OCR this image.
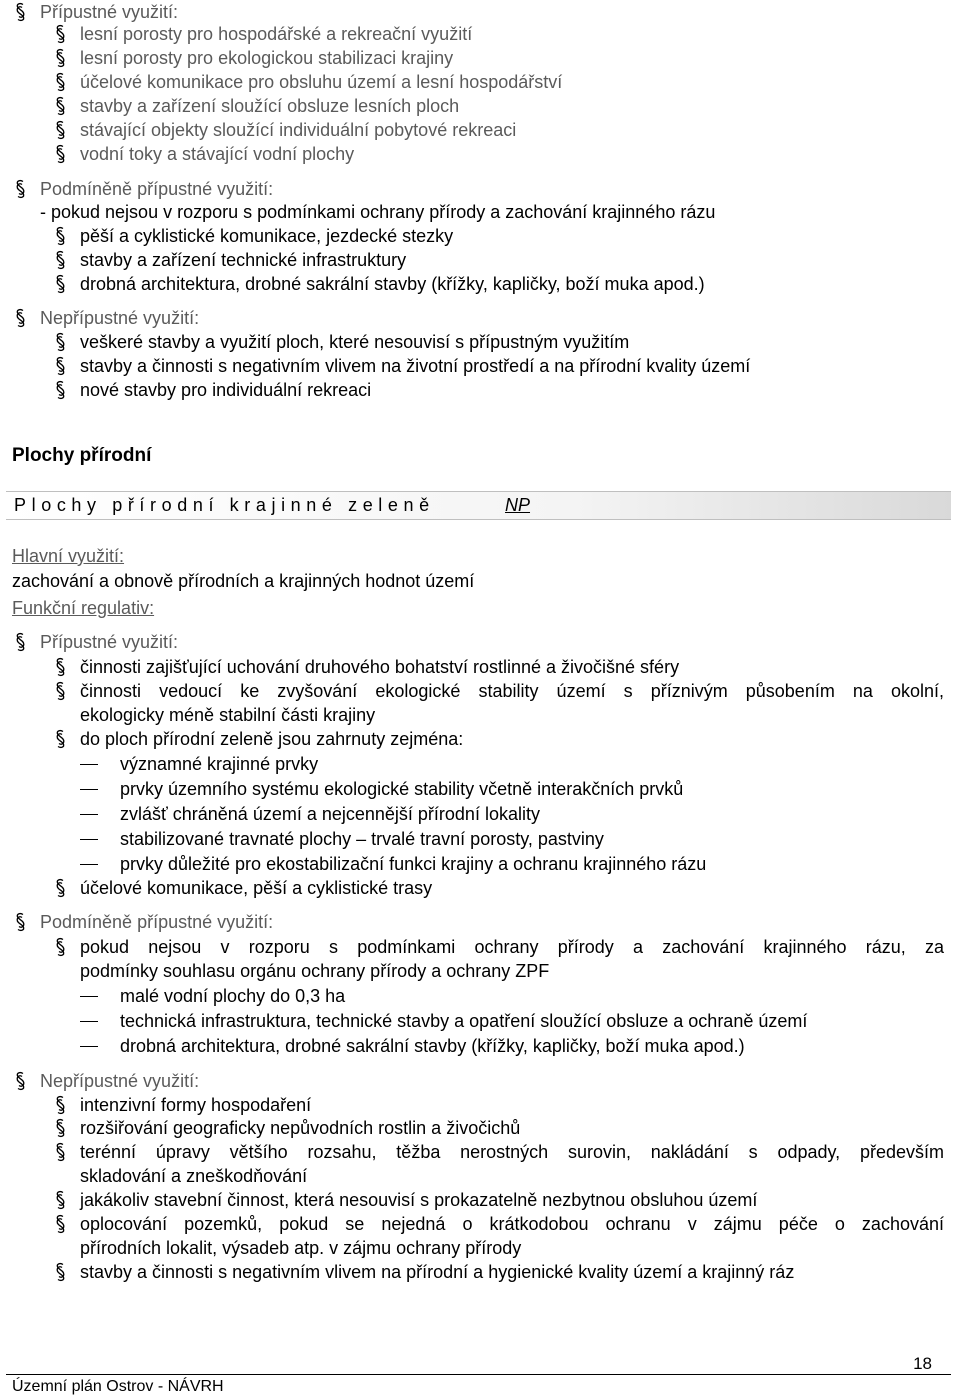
Přípustné využití:
lesní porosty pro hospodářské a rekreační využití
lesní porosty pro ekologickou stabilizaci krajiny
účelové komunikace pro obsluhu území a lesní hospodářství
stavby a zařízení sloužící obsluze lesních ploch
stávající objekty sloužící individuální pobytové rekreaci
vodní toky a stávající vodní plochy
Podmíněně přípustné využití:
- pokud nejsou v rozporu s podmínkami ochrany přírody a zachování krajinného rázu
pěší a cyklistické komunikace, jezdecké stezky
stavby a zařízení technické infrastruktury
drobná architektura, drobné sakrální stavby (křížky, kapličky, boží muka apod.)
Nepřípustné využití:
veškeré stavby a využití ploch, které nesouvisí s přípustným využitím
stavby a činnosti s negativním vlivem na životní prostředí a na přírodní kvality území
nové stavby pro individuální rekreaci
Plochy přírodní
Plochy přírodní krajinné zeleně	NP
Hlavní využití:
zachování a obnově přírodních a krajinných hodnot území
Funkční regulativ:
Přípustné využití:
činnosti zajišťující uchování druhového bohatství rostlinné a živočišné sféry
činnosti vedoucí ke zvyšování ekologické stability území s příznivým působením na okolní,
ekologicky méně stabilní části krajiny
do ploch přírodní zeleně jsou zahrnuty zejména:
významné krajinné prvky
prvky územního systému ekologické stability včetně interakčních prvků
zvlášť chráněná území a nejcennější přírodní lokality
stabilizované travnaté plochy – trvalé travní porosty, pastviny
prvky důležité pro ekostabilizační funkci krajiny a ochranu krajinného rázu
účelové komunikace, pěší a cyklistické trasy
Podmíněně přípustné využití:
pokud nejsou v rozporu s podmínkami ochrany přírody a zachování krajinného rázu, za
podmínky souhlasu orgánu ochrany přírody a ochrany ZPF
malé vodní plochy do 0,3 ha
technická infrastruktura, technické stavby a opatření sloužící obsluze a ochraně území
drobná architektura, drobné sakrální stavby (křížky, kapličky, boží muka apod.)
Nepřípustné využití:
intenzivní formy hospodaření
rozšiřování geograficky nepůvodních rostlin a živočichů
terénní úpravy většího rozsahu, těžba nerostných surovin, nakládání s odpady, především
skladování a zneškodňování
jakákoliv stavební činnost, která nesouvisí s prokazatelně nezbytnou obsluhou území
oplocování pozemků, pokud se nejedná o krátkodobou ochranu v zájmu péče o zachování
přírodních lokalit, výsadeb atp. v zájmu ochrany přírody
stavby a činnosti s negativním vlivem na přírodní a hygienické kvality území a krajinný ráz
18
Územní plán Ostrov - NÁVRH
